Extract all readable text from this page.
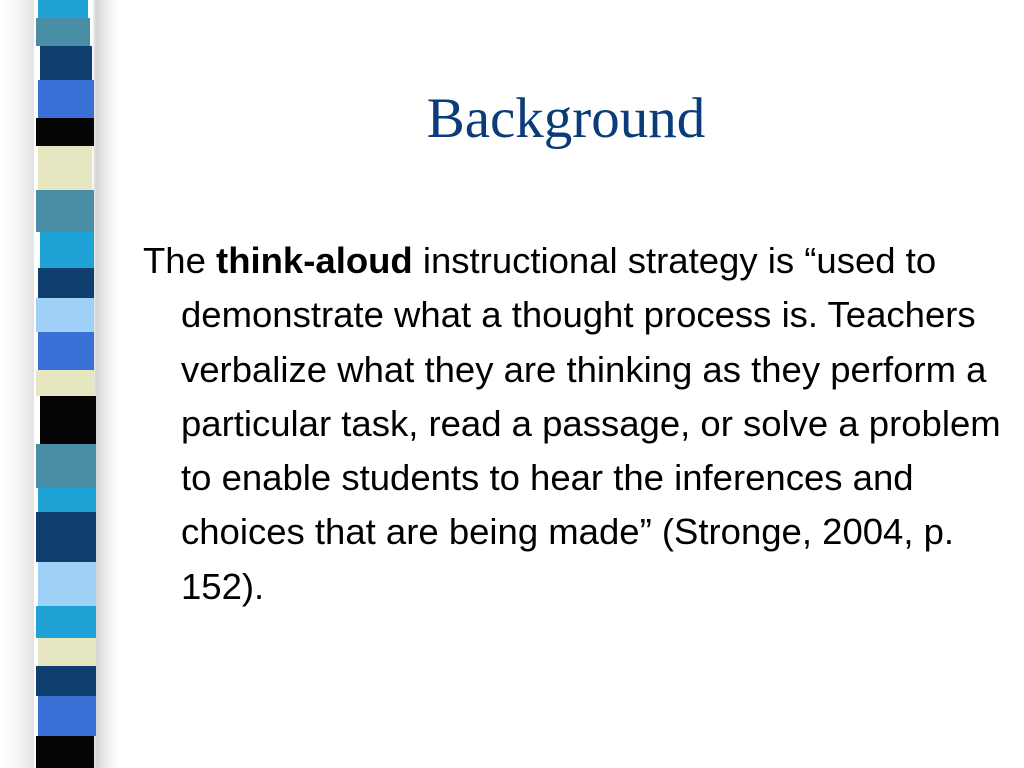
Background

The think-aloud instructional strategy is “used to demonstrate what a thought process is. Teachers verbalize what they are thinking as they perform a particular task, read a passage, or solve a problem to enable students to hear the inferences and choices that are being made” (Stronge, 2004, p. 152).
